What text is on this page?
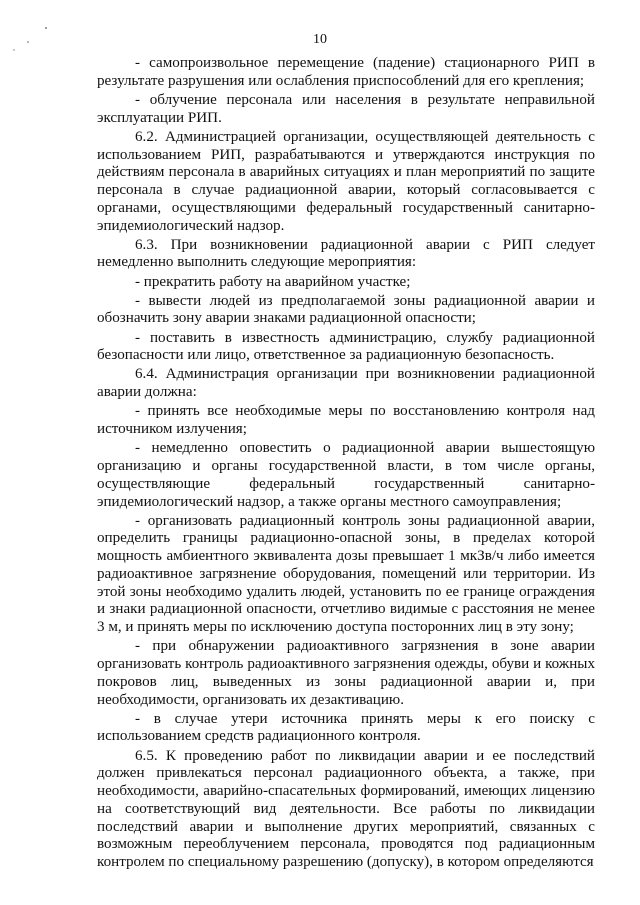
10

- самопроизвольное перемещение (падение) стационарного РИП в результате разрушения или ослабления приспособлений для его крепления;

- облучение персонала или населения в результате неправильной эксплуатации РИП.

6.2. Администрацией организации, осуществляющей деятельность с использованием РИП, разрабатываются и утверждаются инструкция по действиям персонала в аварийных ситуациях и план мероприятий по защите персонала в случае радиационной аварии, который согласовывается с органами, осуществляющими федеральный государственный санитарно-эпидемиологический надзор.

6.3. При возникновении радиационной аварии с РИП следует немедленно выполнить следующие мероприятия:

- прекратить работу на аварийном участке;

- вывести людей из предполагаемой зоны радиационной аварии и обозначить зону аварии знаками радиационной опасности;

- поставить в известность администрацию, службу радиационной безопасности или лицо, ответственное за радиационную безопасность.

6.4. Администрация организации при возникновении радиационной аварии должна:

- принять все необходимые меры по восстановлению контроля над источником излучения;

- немедленно оповестить о радиационной аварии вышестоящую организацию и органы государственной власти, в том числе органы, осуществляющие федеральный государственный санитарно-эпидемиологический надзор, а также органы местного самоуправления;

- организовать радиационный контроль зоны радиационной аварии, определить границы радиационно-опасной зоны, в пределах которой мощность амбиентного эквивалента дозы превышает 1 мкЗв/ч либо имеется радиоактивное загрязнение оборудования, помещений или территории. Из этой зоны необходимо удалить людей, установить по ее границе ограждения и знаки радиационной опасности, отчетливо видимые с расстояния не менее 3 м, и принять меры по исключению доступа посторонних лиц в эту зону;

- при обнаружении радиоактивного загрязнения в зоне аварии организовать контроль радиоактивного загрязнения одежды, обуви и кожных покровов лиц, выведенных из зоны радиационной аварии и, при необходимости, организовать их дезактивацию.

- в случае утери источника принять меры к его поиску с использованием средств радиационного контроля.

6.5. К проведению работ по ликвидации аварии и ее последствий должен привлекаться персонал радиационного объекта, а также, при необходимости, аварийно-спасательных формирований, имеющих лицензию на соответствующий вид деятельности. Все работы по ликвидации последствий аварии и выполнение других мероприятий, связанных с возможным переоблучением персонала, проводятся под радиационным контролем по специальному разрешению (допуску), в котором определяются
